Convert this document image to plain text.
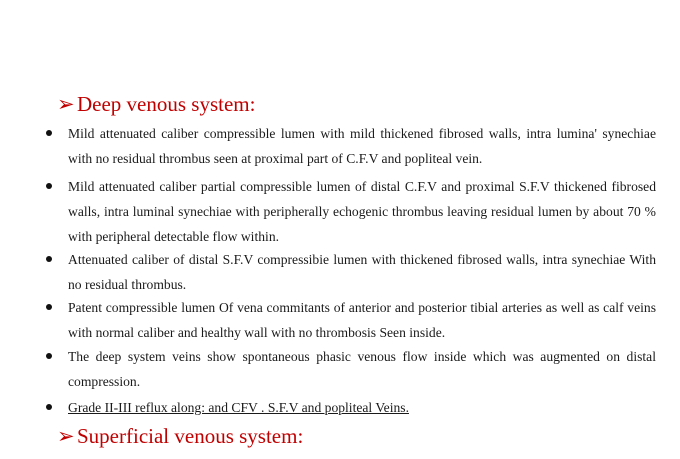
➢ Deep venous system:
Mild attenuated caliber compressible lumen with mild thickened fibrosed walls, intra lumina' synechiae with no residual thrombus seen at proximal part of C.F.V and popliteal vein.
Mild attenuated caliber partial compressible lumen of distal C.F.V and proximal S.F.V thickened fibrosed walls, intra luminal synechiae with peripherally echogenic thrombus leaving residual lumen by about 70 % with peripheral detectable flow within.
Attenuated caliber of distal S.F.V compressibie lumen with thickened fibrosed walls, intra synechiae With no residual thrombus.
Patent compressible lumen Of vena commitants of anterior and posterior tibial arteries as well as calf veins with normal caliber and healthy wall with no thrombosis Seen inside.
The deep system veins show spontaneous phasic venous flow inside which was augmented on distal compression.
Grade II-III reflux along: and CFV . S.F.V and popliteal Veins.
➢ Superficial venous system:
